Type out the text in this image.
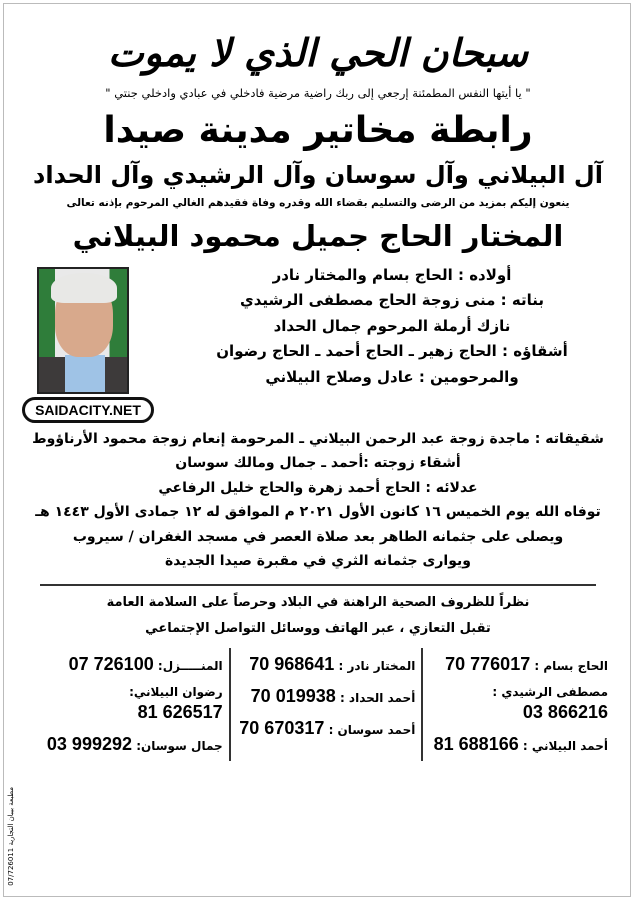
سبحان الحي الذي لا يموت
" يا أيتها النفس المطمئنة إرجعي إلى ربك راضية مرضية فادخلي في عبادي وادخلي جنتي "
رابطة مخاتير مدينة صيدا
آل البيلاني وآل سوسان وآل الرشيدي وآل الحداد
ينعون إليكم بمزيد من الرضى والتسليم بقضاء الله وقدره وفاة فقيدهم الغالي المرحوم بإذنه تعالى
المختار الحاج جميل محمود البيلاني
SAIDACITY.NET
أولاده : الحاج بسام والمختار نادر
بناته : منى زوجة الحاج مصطفى الرشيدي
نازك أرملة المرحوم جمال الحداد
أشقاؤه : الحاج زهير ـ الحاج أحمد ـ الحاج رضوان
والمرحومين : عادل وصلاح البيلاني
شقيقاته : ماجدة زوجة عبد الرحمن البيلاني ـ المرحومة إنعام زوجة محمود الأرناؤوط
أشقاء زوجته :أحمد ـ جمال ومالك سوسان
عدلائه : الحاج أحمد زهرة والحاج خليل الرفاعي
توفاه الله يوم الخميس ١٦ كانون الأول ٢٠٢١ م الموافق له ١٢ جمادى الأول ١٤٤٣ هـ
ويصلى على جثمانه الطاهر بعد صلاة العصر في مسجد الغفران / سيروب
ويوارى جثمانه الثري في مقبرة صيدا الجديدة
نظراً للظروف الصحية الراهنة في البلاد وحرصاً على السلامة العامة
تقبل التعازي ، عبر الهاتف ووسائل التواصل الإجتماعي
الحاج بسام : 70 776017
مصطفى الرشيدي : 03 866216
أحمد البيلاني : 81 688166
المختار نادر : 70 968641
أحمد الحداد : 70 019938
أحمد سوسان : 70 670317
المنـــــزل: 07 726100
رضوان البيلاني: 81 626517
جمال سوسان: 03 999292
مطبعة بيبان التجارية 07/726011
